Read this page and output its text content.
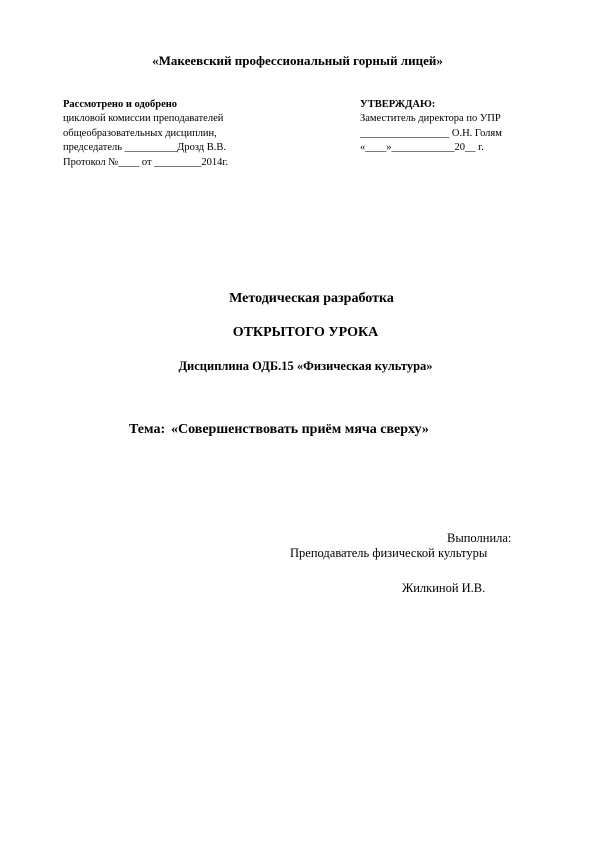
«Макеевский профессиональный горный лицей»
Рассмотрено и одобрено
цикловой комиссии преподавателей
общеобразовательных дисциплин,
председатель __________Дрозд В.В.
Протокол №____ от _________2014г.
УТВЕРЖДАЮ:
Заместитель директора по УПР
_________________ О.Н. Голям
«____»____________20__ г.
Методическая разработка
ОТКРЫТОГО УРОКА
Дисциплина ОДБ.15 «Физическая культура»
Тема: «Совершенствовать приём мяча сверху»
Выполнила:
Преподаватель физической культуры
Жилкиной И.В.
